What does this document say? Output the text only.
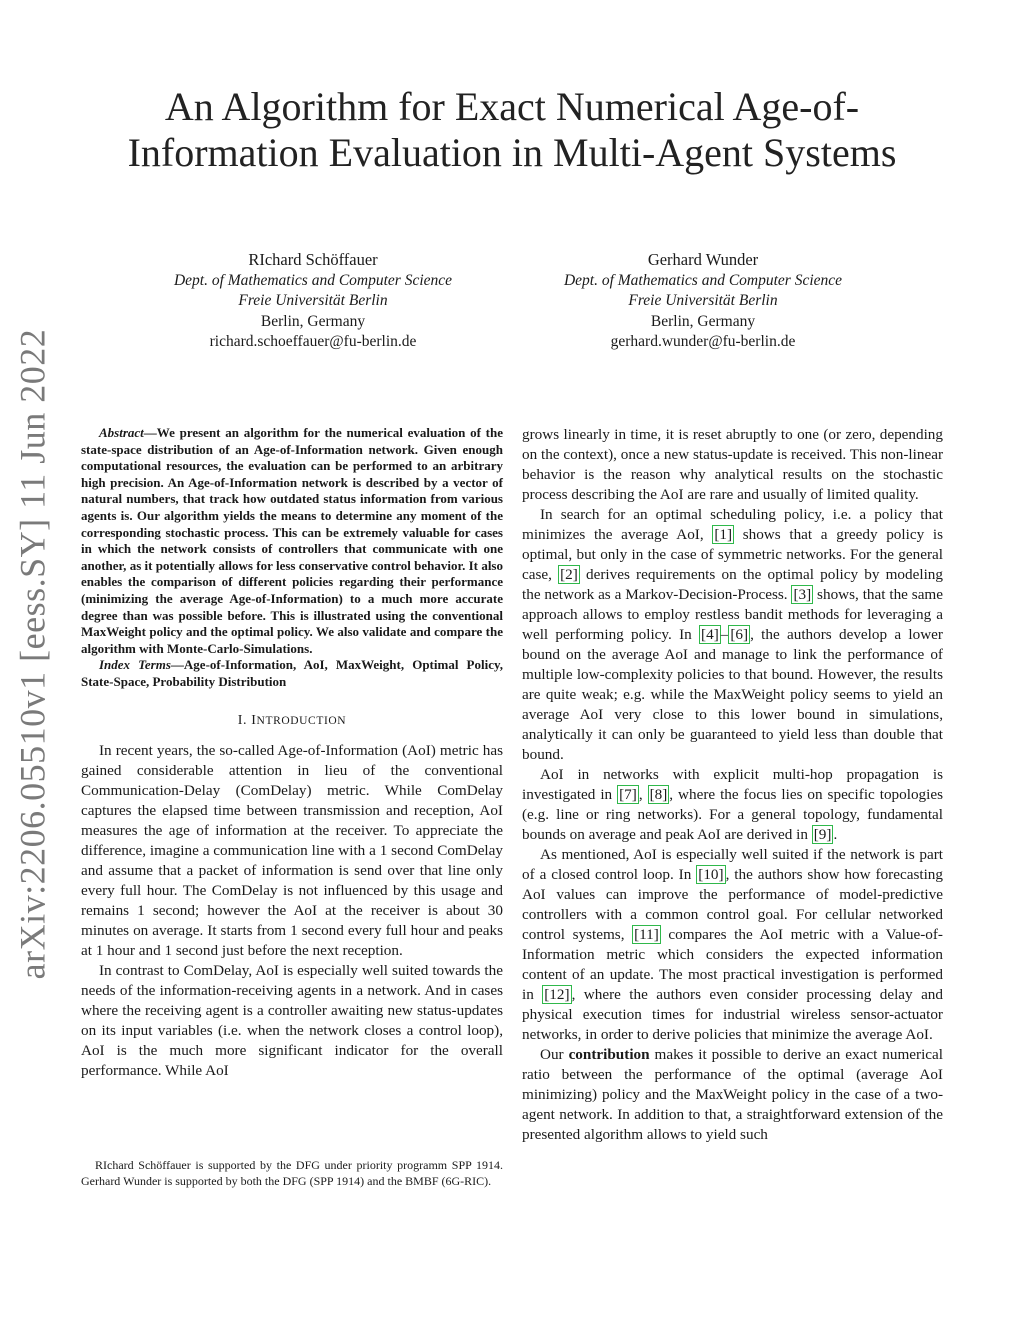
arXiv:2206.05510v1 [eess.SY] 11 Jun 2022
An Algorithm for Exact Numerical Age-of-Information Evaluation in Multi-Agent Systems
RIchard Schöffauer
Dept. of Mathematics and Computer Science
Freie Universität Berlin
Berlin, Germany
richard.schoeffauer@fu-berlin.de
Gerhard Wunder
Dept. of Mathematics and Computer Science
Freie Universität Berlin
Berlin, Germany
gerhard.wunder@fu-berlin.de

Abstract—We present an algorithm for the numerical evaluation of the state-space distribution of an Age-of-Information network. Given enough computational resources, the evaluation can be performed to an arbitrary high precision. An Age-of-Information network is described by a vector of natural numbers, that track how outdated status information from various agents is. Our algorithm yields the means to determine any moment of the corresponding stochastic process. This can be extremely valuable for cases in which the network consists of controllers that communicate with one another, as it potentially allows for less conservative control behavior. It also enables the comparison of different policies regarding their performance (minimizing the average Age-of-Information) to a much more accurate degree than was possible before. This is illustrated using the conventional MaxWeight policy and the optimal policy. We also validate and compare the algorithm with Monte-Carlo-Simulations.

Index Terms—Age-of-Information, AoI, MaxWeight, Optimal Policy, State-Space, Probability Distribution

I. INTRODUCTION

In recent years, the so-called Age-of-Information (AoI) metric has gained considerable attention in lieu of the conventional Communication-Delay (ComDelay) metric. While ComDelay captures the elapsed time between transmission and reception, AoI measures the age of information at the receiver. To appreciate the difference, imagine a communication line with a 1 second ComDelay and assume that a packet of information is send over that line only every full hour. The ComDelay is not influenced by this usage and remains 1 second; however the AoI at the receiver is about 30 minutes on average. It starts from 1 second every full hour and peaks at 1 hour and 1 second just before the next reception.

In contrast to ComDelay, AoI is especially well suited towards the needs of the information-receiving agents in a network. And in cases where the receiving agent is a controller awaiting new status-updates on its input variables (i.e. when the network closes a control loop), AoI is the much more significant indicator for the overall performance. While AoI

grows linearly in time, it is reset abruptly to one (or zero, depending on the context), once a new status-update is received. This non-linear behavior is the reason why analytical results on the stochastic process describing the AoI are rare and usually of limited quality.

In search for an optimal scheduling policy, i.e. a policy that minimizes the average AoI, [1] shows that a greedy policy is optimal, but only in the case of symmetric networks. For the general case, [2] derives requirements on the optimal policy by modeling the network as a Markov-Decision-Process. [3] shows, that the same approach allows to employ restless bandit methods for leveraging a well performing policy. In [4] – [6] , the authors develop a lower bound on the average AoI and manage to link the performance of multiple low-complexity policies to that bound. However, the results are quite weak; e.g. while the MaxWeight policy seems to yield an average AoI very close to this lower bound in simulations, analytically it can only be guaranteed to yield less than double that bound.

AoI in networks with explicit multi-hop propagation is investigated in [7] , [8] , where the focus lies on specific topologies (e.g. line or ring networks). For a general topology, fundamental bounds on average and peak AoI are derived in [9] .

As mentioned, AoI is especially well suited if the network is part of a closed control loop. In [10] , the authors show how forecasting AoI values can improve the performance of model-predictive controllers with a common control goal. For cellular networked control systems, [11] compares the AoI metric with a Value-of-Information metric which considers the expected information content of an update. The most practical investigation is performed in [12] , where the authors even consider processing delay and physical execution times for industrial wireless sensor-actuator networks, in order to derive policies that minimize the average AoI.

Our contribution makes it possible to derive an exact numerical ratio between the performance of the optimal (average AoI minimizing) policy and the MaxWeight policy in the case of a two-agent network. In addition to that, a straightforward extension of the presented algorithm allows to yield such

RIchard Schöffauer is supported by the DFG under priority programm SPP 1914. Gerhard Wunder is supported by both the DFG (SPP 1914) and the BMBF (6G-RIC).
